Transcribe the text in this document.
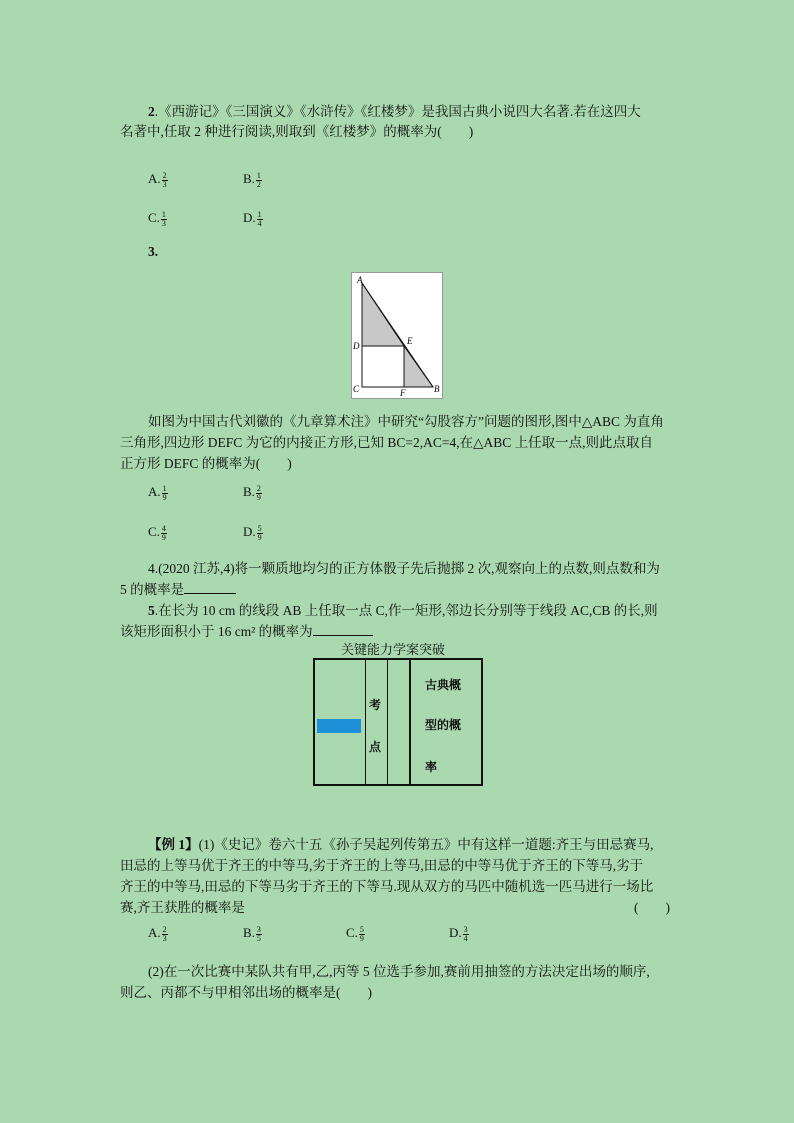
2.《西游记》《三国演义》《水浒传》《红楼梦》是我国古典小说四大名著.若在这四大
名著中,任取 2 种进行阅读,则取到《红楼梦》的概率为(　　)
A. $\frac{2}{3}$	B. $\frac{1}{2}$
C. $\frac{1}{3}$	D. $\frac{1}{4}$
3.
A
D	E
C	F	B
如图为中国古代刘徽的《九章算术注》中研究“勾股容方”问题的图形,图中△ABC 为直角
三角形,四边形 DEFC 为它的内接正方形,已知 BC=2,AC=4,在△ABC 上任取一点,则此点取自
正方形 DEFC 的概率为(　　)
A. $\frac{1}{9}$	B. $\frac{2}{9}$
C. $\frac{4}{9}$	D. $\frac{5}{9}$
4.(2020 江苏,4)将一颗质地均匀的正方体骰子先后抛掷 2 次,观察向上的点数,则点数和为
5 的概率是
5.在长为 10 cm 的线段 AB 上任取一点 C,作一矩形,邻边长分别等于线段 AC,CB 的长,则
该矩形面积小于 16 cm² 的概率为
关键能力学案突破
考
点
古典概
型的概
率
【例 1】(1)《史记》卷六十五《孙子吴起列传第五》中有这样一道题:齐王与田忌赛马,
田忌的上等马优于齐王的中等马,劣于齐王的上等马,田忌的中等马优于齐王的下等马,劣于
齐王的中等马,田忌的下等马劣于齐王的下等马.现从双方的马匹中随机选一匹马进行一场比
赛,齐王获胜的概率是	(　　)
A. $\frac{2}{3}$	B. $\frac{3}{5}$	C. $\frac{5}{9}$	D. $\frac{3}{4}$
(2)在一次比赛中某队共有甲,乙,丙等 5 位选手参加,赛前用抽签的方法决定出场的顺序,
则乙、丙都不与甲相邻出场的概率是(　　)
